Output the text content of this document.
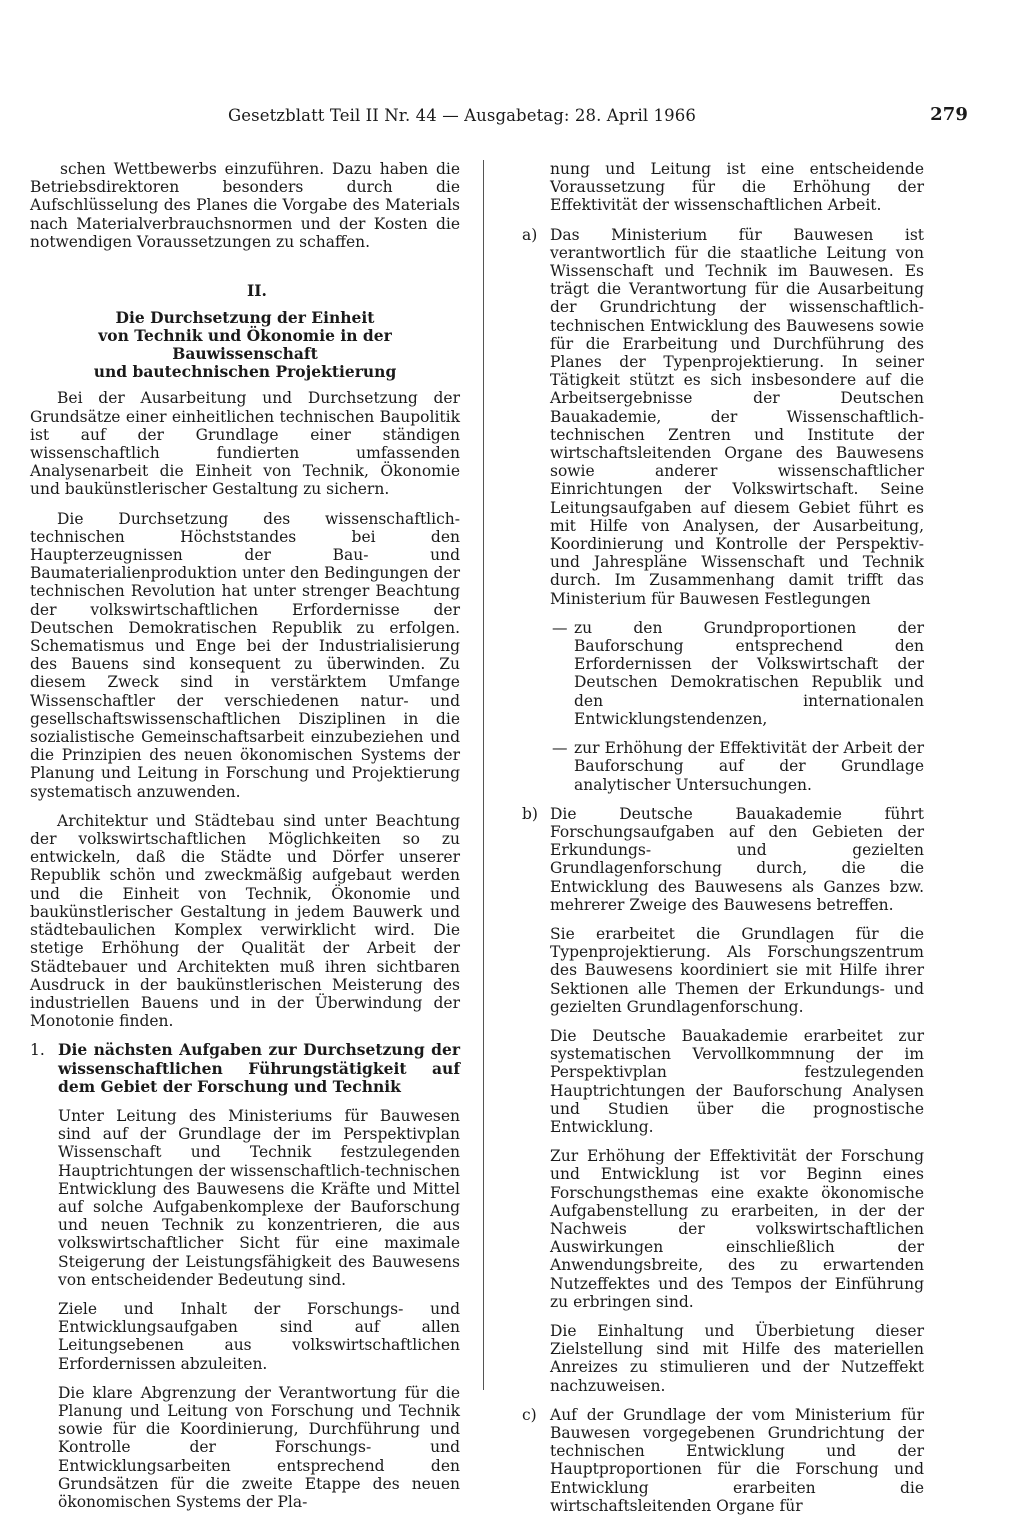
Gesetzblatt Teil II Nr. 44 — Ausgabetag: 28. April 1966	279

schen Wettbewerbs einzuführen. Dazu haben die Betriebsdirektoren besonders durch die Aufschlüsselung des Planes die Vorgabe des Materials nach Materialverbrauchsnormen und der Kosten die notwendigen Voraussetzungen zu schaffen.

II.
Die Durchsetzung der Einheit
von Technik und Ökonomie in der Bauwissenschaft
und bautechnischen Projektierung

Bei der Ausarbeitung und Durchsetzung der Grundsätze einer einheitlichen technischen Baupolitik ist auf der Grundlage einer ständigen wissenschaftlich fundierten umfassenden Analysenarbeit die Einheit von Technik, Ökonomie und baukünstlerischer Gestaltung zu sichern.

Die Durchsetzung des wissenschaftlich-technischen Höchststandes bei den Haupterzeugnissen der Bau- und Baumaterialienproduktion unter den Bedingungen der technischen Revolution hat unter strenger Beachtung der volkswirtschaftlichen Erfordernisse der Deutschen Demokratischen Republik zu erfolgen. Schematismus und Enge bei der Industrialisierung des Bauens sind konsequent zu überwinden. Zu diesem Zweck sind in verstärktem Umfange Wissenschaftler der verschiedenen natur- und gesellschaftswissenschaftlichen Disziplinen in die sozialistische Gemeinschaftsarbeit einzubeziehen und die Prinzipien des neuen ökonomischen Systems der Planung und Leitung in Forschung und Projektierung systematisch anzuwenden.

Architektur und Städtebau sind unter Beachtung der volkswirtschaftlichen Möglichkeiten so zu entwickeln, daß die Städte und Dörfer unserer Republik schön und zweckmäßig aufgebaut werden und die Einheit von Technik, Ökonomie und baukünstlerischer Gestaltung in jedem Bauwerk und städtebaulichen Komplex verwirklicht wird. Die stetige Erhöhung der Qualität der Arbeit der Städtebauer und Architekten muß ihren sichtbaren Ausdruck in der baukünstlerischen Meisterung des industriellen Bauens und in der Überwindung der Monotonie finden.

1. Die nächsten Aufgaben zur Durchsetzung der wissenschaftlichen Führungstätigkeit auf dem Gebiet der Forschung und Technik

Unter Leitung des Ministeriums für Bauwesen sind auf der Grundlage der im Perspektivplan Wissenschaft und Technik festzulegenden Hauptrichtungen der wissenschaftlich-technischen Entwicklung des Bauwesens die Kräfte und Mittel auf solche Aufgabenkomplexe der Bauforschung und neuen Technik zu konzentrieren, die aus volkswirtschaftlicher Sicht für eine maximale Steigerung der Leistungsfähigkeit des Bauwesens von entscheidender Bedeutung sind.

Ziele und Inhalt der Forschungs- und Entwicklungsaufgaben sind auf allen Leitungsebenen aus volkswirtschaftlichen Erfordernissen abzuleiten.

Die klare Abgrenzung der Verantwortung für die Planung und Leitung von Forschung und Technik sowie für die Koordinierung, Durchführung und Kontrolle der Forschungs- und Entwicklungsarbeiten entsprechend den Grundsätzen für die zweite Etappe des neuen ökonomischen Systems der Pla-

nung und Leitung ist eine entscheidende Voraussetzung für die Erhöhung der Effektivität der wissenschaftlichen Arbeit.

a) Das Ministerium für Bauwesen ist verantwortlich für die staatliche Leitung von Wissenschaft und Technik im Bauwesen. Es trägt die Verantwortung für die Ausarbeitung der Grundrichtung der wissenschaftlich-technischen Entwicklung des Bauwesens sowie für die Erarbeitung und Durchführung des Planes der Typenprojektierung. In seiner Tätigkeit stützt es sich insbesondere auf die Arbeitsergebnisse der Deutschen Bauakademie, der Wissenschaftlich-technischen Zentren und Institute der wirtschaftsleitenden Organe des Bauwesens sowie anderer wissenschaftlicher Einrichtungen der Volkswirtschaft. Seine Leitungsaufgaben auf diesem Gebiet führt es mit Hilfe von Analysen, der Ausarbeitung, Koordinierung und Kontrolle der Perspektiv- und Jahrespläne Wissenschaft und Technik durch. Im Zusammenhang damit trifft das Ministerium für Bauwesen Festlegungen
— zu den Grundproportionen der Bauforschung entsprechend den Erfordernissen der Volkswirtschaft der Deutschen Demokratischen Republik und den internationalen Entwicklungstendenzen,
— zur Erhöhung der Effektivität der Arbeit der Bauforschung auf der Grundlage analytischer Untersuchungen.
b) Die Deutsche Bauakademie führt Forschungsaufgaben auf den Gebieten der Erkundungs- und gezielten Grundlagenforschung durch, die die Entwicklung des Bauwesens als Ganzes bzw. mehrerer Zweige des Bauwesens betreffen.

Sie erarbeitet die Grundlagen für die Typenprojektierung. Als Forschungszentrum des Bauwesens koordiniert sie mit Hilfe ihrer Sektionen alle Themen der Erkundungs- und gezielten Grundlagenforschung.

Die Deutsche Bauakademie erarbeitet zur systematischen Vervollkommnung der im Perspektivplan festzulegenden Hauptrichtungen der Bauforschung Analysen und Studien über die prognostische Entwicklung.

Zur Erhöhung der Effektivität der Forschung und Entwicklung ist vor Beginn eines Forschungsthemas eine exakte ökonomische Aufgabenstellung zu erarbeiten, in der der Nachweis der volkswirtschaftlichen Auswirkungen einschließlich der Anwendungsbreite, des zu erwartenden Nutzeffektes und des Tempos der Einführung zu erbringen sind.

Die Einhaltung und Überbietung dieser Zielstellung sind mit Hilfe des materiellen Anreizes zu stimulieren und der Nutzeffekt nachzuweisen.

c) Auf der Grundlage der vom Ministerium für Bauwesen vorgegebenen Grundrichtung der technischen Entwicklung und der Hauptproportionen für die Forschung und Entwicklung erarbeiten die wirtschaftsleitenden Organe für
